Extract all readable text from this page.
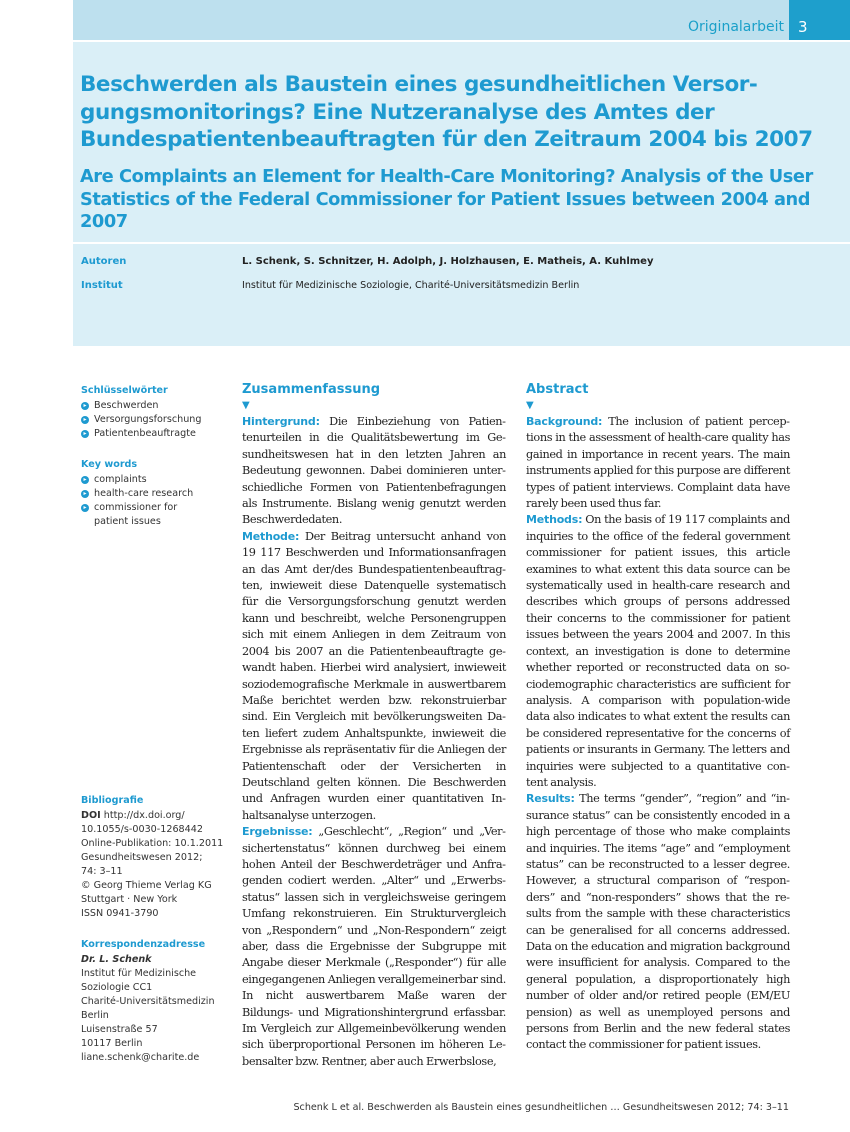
Originalarbeit 3
Beschwerden als Baustein eines gesundheitlichen Versorgungsmonitorings? Eine Nutzeranalyse des Amtes der Bundespatientenbeauftragten für den Zeitraum 2004 bis 2007
Are Complaints an Element for Health-Care Monitoring? Analysis of the User Statistics of the Federal Commissioner for Patient Issues between 2004 and 2007
Autoren	L. Schenk, S. Schnitzer, H. Adolph, J. Holzhausen, E. Matheis, A. Kuhlmey
Institut	Institut für Medizinische Soziologie, Charité-Universitätsmedizin Berlin
Schlüsselwörter
▸ Beschwerden
▸ Versorgungsforschung
▸ Patientenbeauftragte
Key words
▸ complaints
▸ health-care research
▸ commissioner for patient issues
Bibliografie
DOI http://dx.doi.org/
10.1055/s-0030-1268442
Online-Publikation: 10.1.2011
Gesundheitswesen 2012;
74: 3–11
© Georg Thieme Verlag KG
Stuttgart · New York
ISSN 0941-3790
Korrespondenzadresse
Dr. L. Schenk
Institut für Medizinische
Soziologie CC1
Charité-Universitätsmedizin
Berlin
Luisenstraße 57
10117 Berlin
liane.schenk@charite.de
Zusammenfassung
▼

Hintergrund: Die Einbeziehung von Patientenurteilen in die Qualitätsbewertung im Gesundheitswesen hat in den letzten Jahren an Bedeutung gewonnen. Dabei dominieren unterschiedliche Formen von Patientenbefragungen als Instrumente. Bislang wenig genutzt werden Beschwerdedaten.
Methode: Der Beitrag untersucht anhand von 19 117 Beschwerden und Informationsanfragen an das Amt der/des Bundespatientenbeauftragten, inwieweit diese Datenquelle systematisch für die Versorgungsforschung genutzt werden kann und beschreibt, welche Personengruppen sich mit einem Anliegen in dem Zeitraum von 2004 bis 2007 an die Patientenbeauftragte gewandt haben. Hierbei wird analysiert, inwieweit soziodemografische Merkmale in auswertbarem Maße berichtet werden bzw. rekonstruierbar sind. Ein Vergleich mit bevölkerungsweiten Daten liefert zudem Anhaltspunkte, inwieweit die Ergebnisse als repräsentativ für die Anliegen der Patientenschaft oder der Versicherten in Deutschland gelten können. Die Beschwerden und Anfragen wurden einer quantitativen Inhaltsanalyse unterzogen.
Ergebnisse: „Geschlecht“, „Region“ und „Versichertenstatus“ können durchweg bei einem hohen Anteil der Beschwerdeträger und Anfragenden codiert werden. „Alter“ und „Erwerbsstatus“ lassen sich in vergleichsweise geringem Umfang rekonstruieren. Ein Strukturvergleich von „Respondern“ und „Non-Respondern“ zeigt aber, dass die Ergebnisse der Subgruppe mit Angabe dieser Merkmale („Responder“) für alle eingegangenen Anliegen verallgemeinerbar sind. In nicht auswertbarem Maße waren der Bildungs- und Migrationshintergrund erfassbar. Im Vergleich zur Allgemeinbevölkerung wenden sich überproportional Personen im höheren Lebensalter bzw. Rentner, aber auch Erwerbslose,

Abstract
▼

Background: The inclusion of patient perceptions in the assessment of health-care quality has gained in importance in recent years. The main instruments applied for this purpose are different types of patient interviews. Complaint data have rarely been used thus far.
Methods: On the basis of 19 117 complaints and inquiries to the office of the federal government commissioner for patient issues, this article examines to what extent this data source can be systematically used in health-care research and describes which groups of persons addressed their concerns to the commissioner for patient issues between the years 2004 and 2007. In this context, an investigation is done to determine whether reported or reconstructed data on sociodemographic characteristics are sufficient for analysis. A comparison with population-wide data also indicates to what extent the results can be considered representative for the concerns of patients or insurants in Germany. The letters and inquiries were subjected to a quantitative content analysis.
Results: The terms “gender”, “region” and “insurance status” can be consistently encoded in a high percentage of those who make complaints and inquiries. The items “age” and “employment status” can be reconstructed to a lesser degree. However, a structural comparison of “responders” and “non-responders” shows that the results from the sample with these characteristics can be generalised for all concerns addressed. Data on the education and migration background were insufficient for analysis. Compared to the general population, a disproportionately high number of older and/or retired people (EM/EU pension) as well as unemployed persons and persons from Berlin and the new federal states contact the commissioner for patient issues.

Schenk L et al. Beschwerden als Baustein eines gesundheitlichen … Gesundheitswesen 2012; 74: 3–11
